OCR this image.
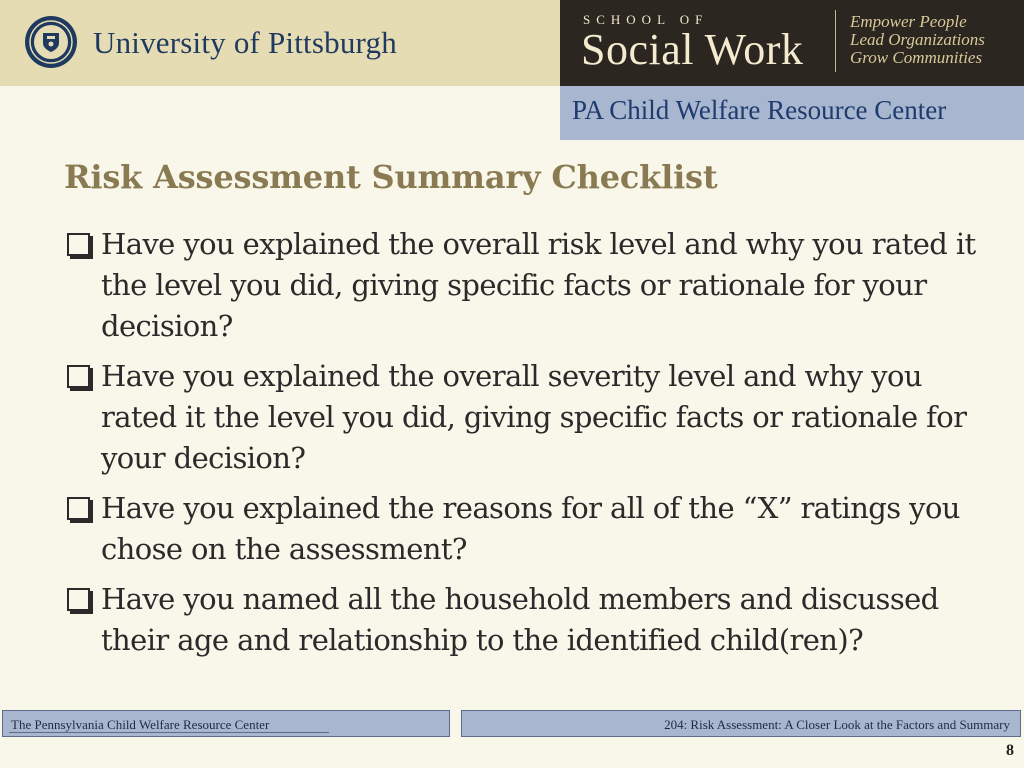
University of Pittsburgh
SCHOOL OF
Social Work
Empower People
Lead Organizations
Grow Communities
PA Child Welfare Resource Center
Risk Assessment Summary Checklist
Have you explained the overall risk level and why you rated it the level you did, giving specific facts or rationale for your decision?
Have you explained the overall severity level and why you rated it the level you did, giving specific facts or rationale for your decision?
Have you explained the reasons for all of the “X” ratings you chose on the assessment?
Have you named all the household members and discussed their age and relationship to the identified child(ren)?
The Pennsylvania Child Welfare Resource Center	204: Risk Assessment: A Closer Look at the Factors and Summary
8
